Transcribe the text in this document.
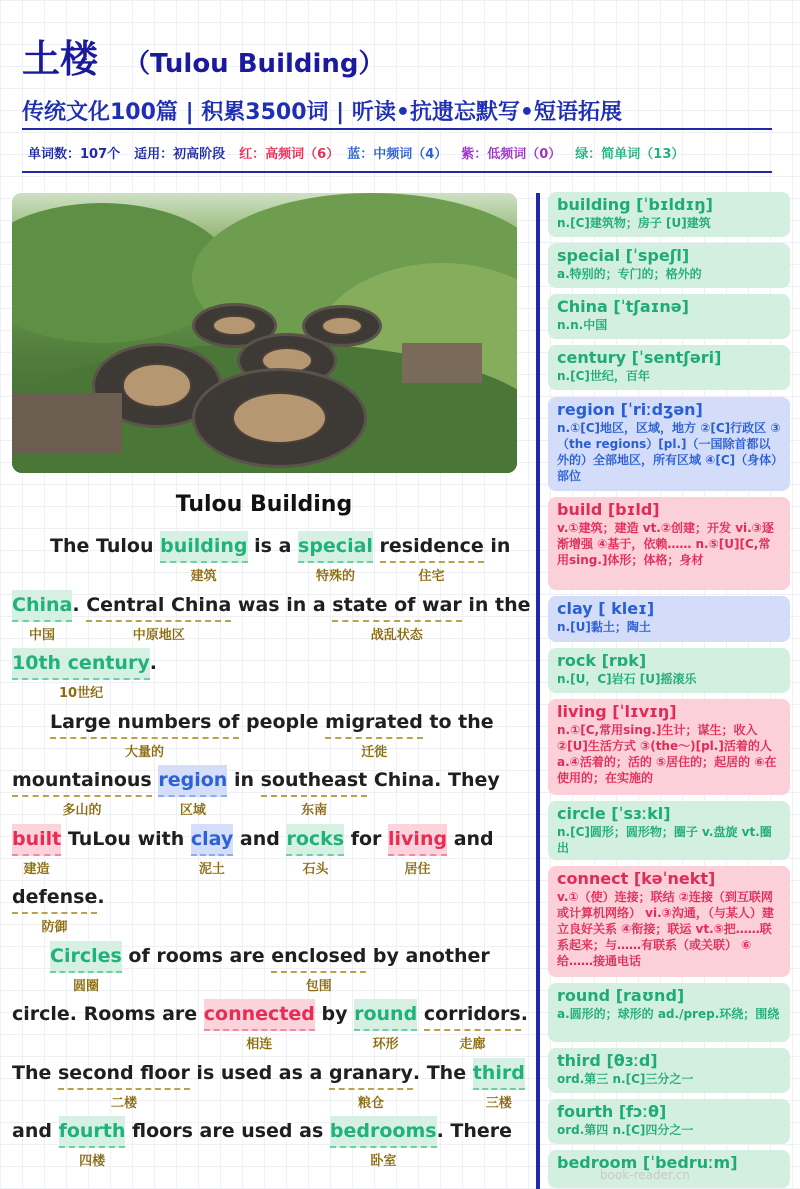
土楼 （Tulou Building）
传统文化100篇 | 积累3500词 | 听读•抗遗忘默写•短语拓展
单词数：107个 适用：初高阶段 红：高频词（6） 蓝：中频词（4） 紫：低频词（0） 绿：简单词（13）
Tulou Building
The Tulou building
建筑
is a special
特殊的
residence
住宅
in
China
中国
. Central China
中原地区
was in a state of war
战乱状态
in the
10th century
10世纪
.
Large numbers of
大量的
people migrated
迁徙
to the
mountainous
多山的
region
区域
in southeast
东南
China. They
built
建造
TuLou with clay
泥土
and rocks
石头
for living
居住
and
defense
防御
.
Circles
圆圈
of rooms are enclosed
包围
by another
circle. Rooms are connected
相连
by round
环形
corridors
走廊
.
The second floor
二楼
is used as a granary
粮仓
. The third
三楼
and fourth
四楼
floors are used as bedrooms
卧室
. There
building [ˈbɪldɪŋ]
n.[C]建筑物；房子 [U]建筑
special [ˈspeʃl]
a.特别的；专门的；格外的
China [ˈtʃaɪnə]
n.n.中国
century [ˈsentʃəri]
n.[C]世纪，百年
region [ˈriːdʒən]
n.①[C]地区，区域，地方 ②[C]行政区 ③（the regions）[pl.]（一国除首都以外的）全部地区，所有区域 ④[C]（身体）部位
build [bɪld]
v.①建筑；建造 vt.②创建；开发 vi.③逐渐增强 ④基于，依赖…… n.⑤[U][C,常用sing.]体形；体格；身材
clay [ kleɪ]
n.[U]黏土；陶土
rock [rɒk]
n.[U，C]岩石 [U]摇滚乐
living [ˈlɪvɪŋ]
n.①[C,常用sing.]生计；谋生；收入 ②[U]生活方式 ③(the～)[pl.]活着的人 a.④活着的；活的 ⑤居住的；起居的 ⑥在使用的；在实施的
circle [ˈsɜːkl]
n.[C]圆形；圆形物；圈子 v.盘旋 vt.圈出
connect [kəˈnekt]
v.①（使）连接；联结 ②连接（到互联网或计算机网络） vi.③沟通，（与某人）建立良好关系 ④衔接；联运 vt.⑤把……联系起来；与……有联系（或关联） ⑥给……接通电话
round [raʊnd]
a.圆形的；球形的 ad./prep.环绕；围绕
third [θɜːd]
ord.第三 n.[C]三分之一
fourth [fɔːθ]
ord.第四 n.[C]四分之一
bedroom [ˈbedruːm]
book-reader.cn
